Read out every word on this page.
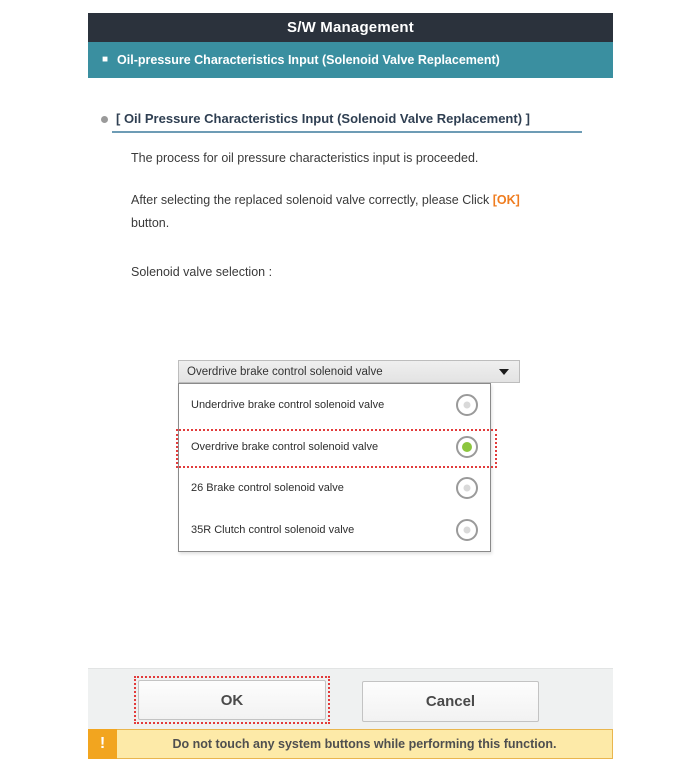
S/W Management
■ Oil-pressure Characteristics Input (Solenoid Valve Replacement)
[ Oil Pressure Characteristics Input (Solenoid Valve Replacement) ]
The process for oil pressure characteristics input is proceeded.
After selecting the replaced solenoid valve correctly, please Click [OK]
button.
Solenoid valve selection :
Overdrive brake control solenoid valve
Underdrive brake control solenoid valve
Overdrive brake control solenoid valve
26 Brake control solenoid valve
35R Clutch control solenoid valve
OK	Cancel
!	Do not touch any system buttons while performing this function.
